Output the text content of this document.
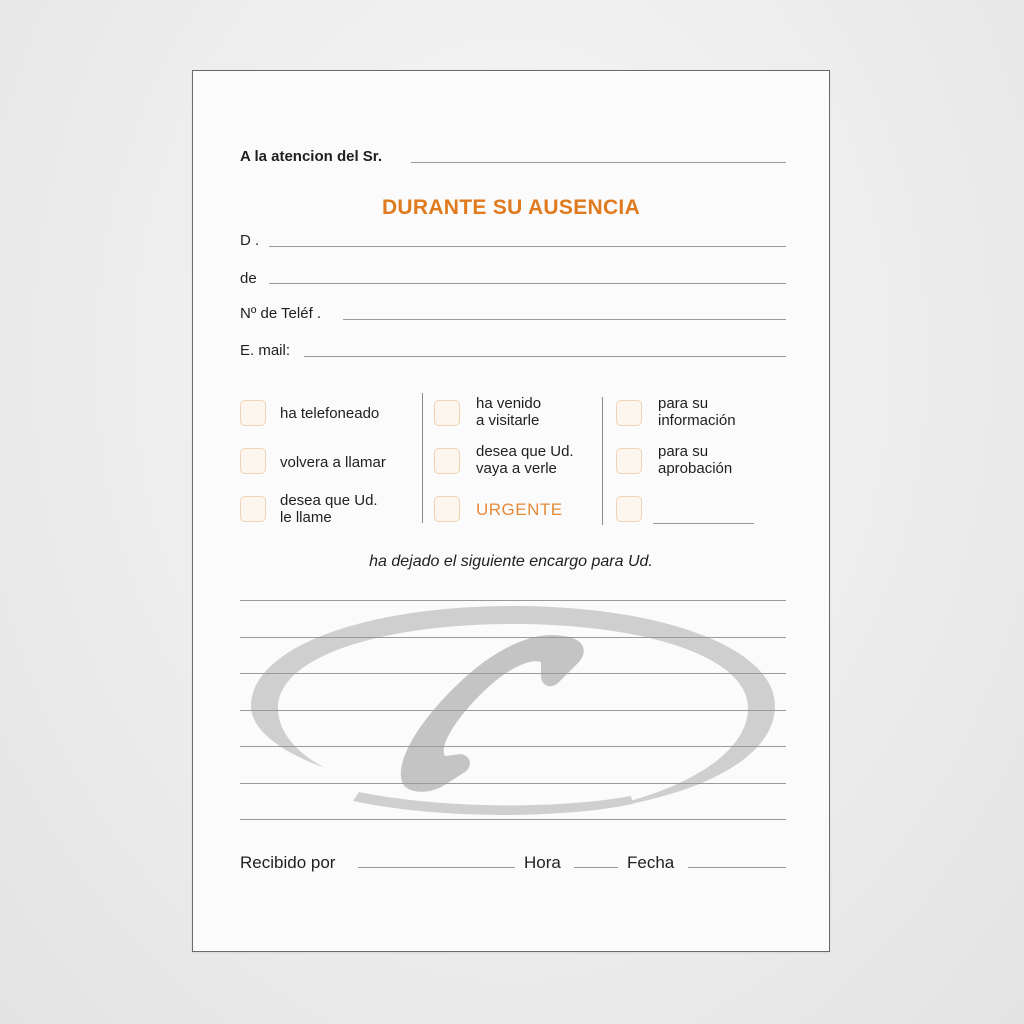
A la atencion del Sr.
DURANTE SU AUSENCIA
D .
de
Nº de Teléf .
E. mail:
ha telefoneado
volvera a llamar
desea que Ud.
le llame
ha venido
a visitarle
desea que Ud.
vaya a verle
URGENTE
para su
información
para su
aprobación
ha dejado el siguiente encargo para Ud.
Recibido por	Hora	Fecha
